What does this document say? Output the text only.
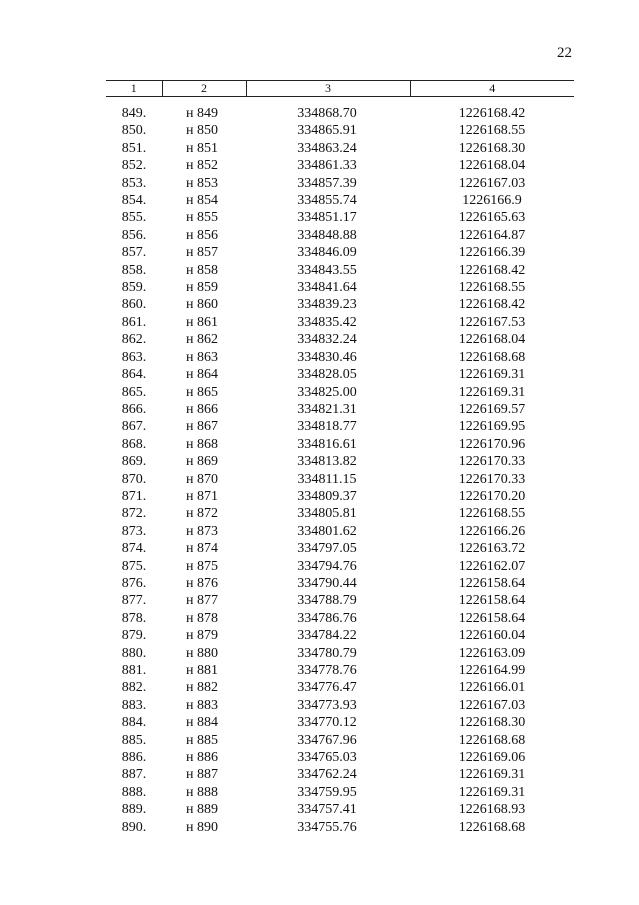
22
1	2	3	4

849.	н 849	334868.70	1226168.42
850.	н 850	334865.91	1226168.55
851.	н 851	334863.24	1226168.30
852.	н 852	334861.33	1226168.04
853.	н 853	334857.39	1226167.03
854.	н 854	334855.74	1226166.9
855.	н 855	334851.17	1226165.63
856.	н 856	334848.88	1226164.87
857.	н 857	334846.09	1226166.39
858.	н 858	334843.55	1226168.42
859.	н 859	334841.64	1226168.55
860.	н 860	334839.23	1226168.42
861.	н 861	334835.42	1226167.53
862.	н 862	334832.24	1226168.04
863.	н 863	334830.46	1226168.68
864.	н 864	334828.05	1226169.31
865.	н 865	334825.00	1226169.31
866.	н 866	334821.31	1226169.57
867.	н 867	334818.77	1226169.95
868.	н 868	334816.61	1226170.96
869.	н 869	334813.82	1226170.33
870.	н 870	334811.15	1226170.33
871.	н 871	334809.37	1226170.20
872.	н 872	334805.81	1226168.55
873.	н 873	334801.62	1226166.26
874.	н 874	334797.05	1226163.72
875.	н 875	334794.76	1226162.07
876.	н 876	334790.44	1226158.64
877.	н 877	334788.79	1226158.64
878.	н 878	334786.76	1226158.64
879.	н 879	334784.22	1226160.04
880.	н 880	334780.79	1226163.09
881.	н 881	334778.76	1226164.99
882.	н 882	334776.47	1226166.01
883.	н 883	334773.93	1226167.03
884.	н 884	334770.12	1226168.30
885.	н 885	334767.96	1226168.68
886.	н 886	334765.03	1226169.06
887.	н 887	334762.24	1226169.31
888.	н 888	334759.95	1226169.31
889.	н 889	334757.41	1226168.93
890.	н 890	334755.76	1226168.68
